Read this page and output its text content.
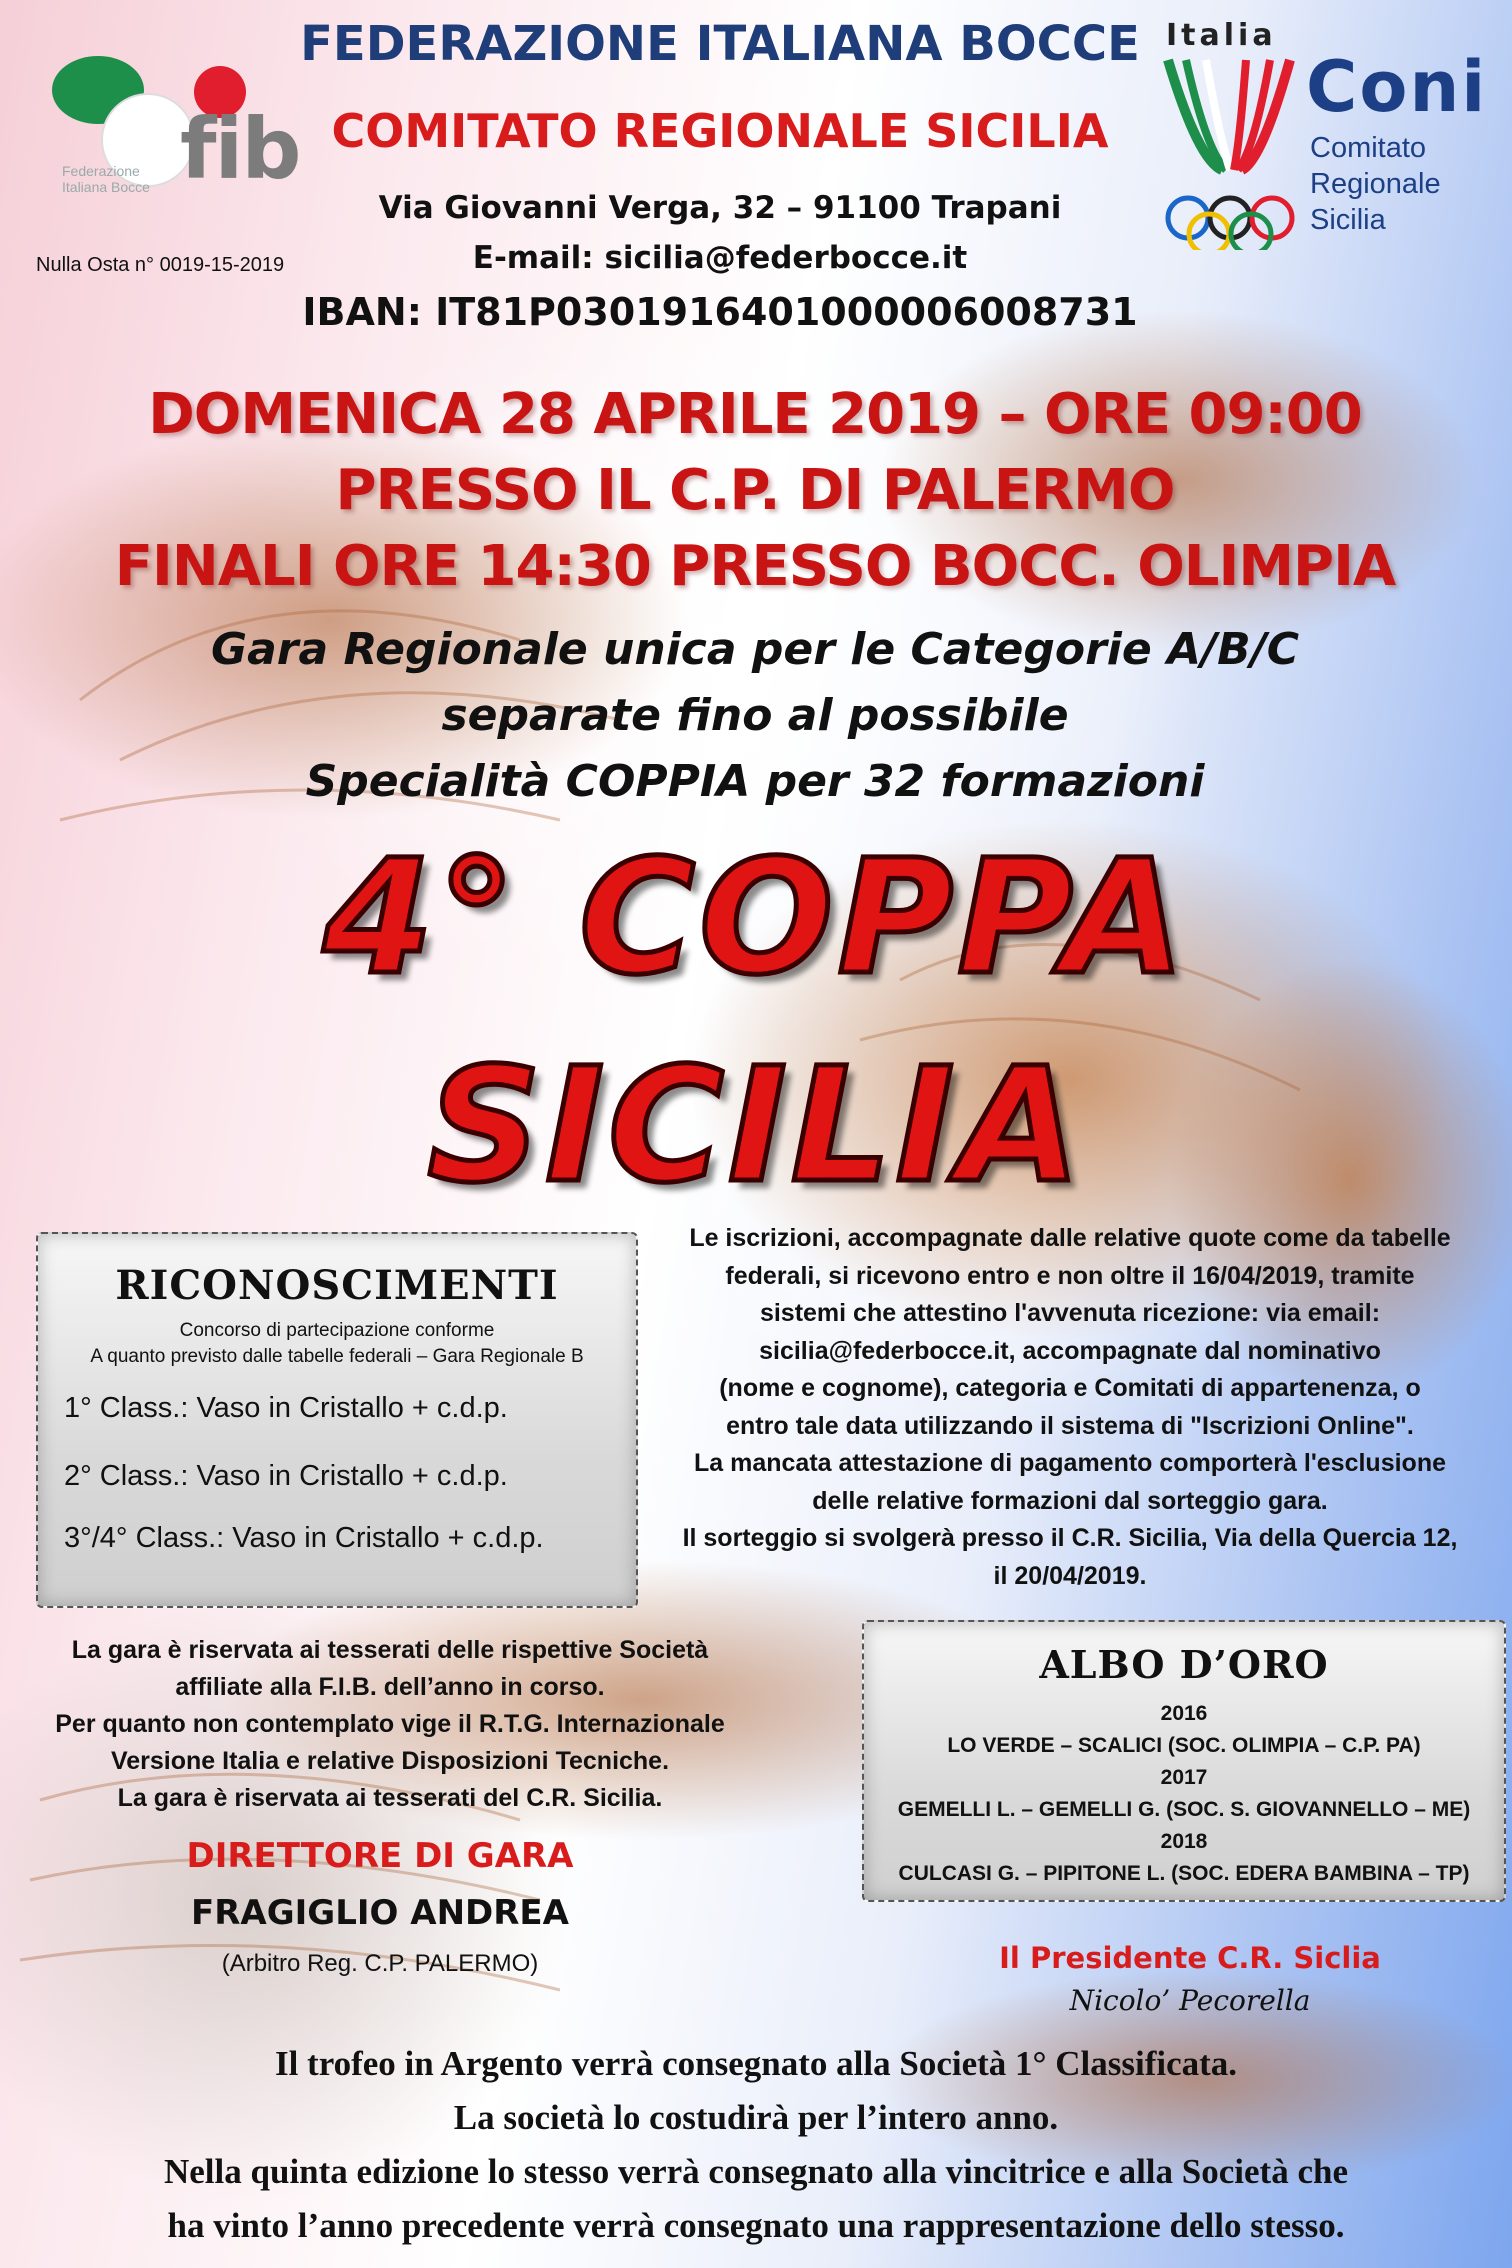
fib
Federazione
Italiana Bocce
Italia
Coni
Comitato
Regionale
Sicilia
FEDERAZIONE ITALIANA BOCCE
COMITATO REGIONALE SICILIA
Via Giovanni Verga, 32 – 91100 Trapani
E-mail: sicilia@federbocce.it
IBAN: IT81P0301916401000006008731
Nulla Osta n° 0019-15-2019
DOMENICA 28 APRILE 2019 – ORE 09:00
PRESSO IL C.P. DI PALERMO
FINALI ORE 14:30 PRESSO BOCC. OLIMPIA
Gara Regionale unica per le Categorie A/B/C
separate fino al possibile
Specialità COPPIA per 32 formazioni
4° COPPA
SICILIA
RICONOSCIMENTI
Concorso di partecipazione conforme
A quanto previsto dalle tabelle federali – Gara Regionale B
1° Class.: Vaso in Cristallo + c.d.p.
2° Class.: Vaso in Cristallo + c.d.p.
3°/4° Class.: Vaso in Cristallo + c.d.p.
Le iscrizioni, accompagnate dalle relative quote come da tabelle
federali, si ricevono entro e non oltre il 16/04/2019, tramite
sistemi che attestino l'avvenuta ricezione: via email:
sicilia@federbocce.it, accompagnate dal nominativo
(nome e cognome), categoria e Comitati di appartenenza, o
entro tale data utilizzando il sistema di "Iscrizioni Online".
La mancata attestazione di pagamento comporterà l'esclusione
delle relative formazioni dal sorteggio gara.
Il sorteggio si svolgerà presso il C.R. Sicilia, Via della Quercia 12,
il 20/04/2019.
La gara è riservata ai tesserati delle rispettive Società
affiliate alla F.I.B. dell’anno in corso.
Per quanto non contemplato vige il R.T.G. Internazionale
Versione Italia e relative Disposizioni Tecniche.
La gara è riservata ai tesserati del C.R. Sicilia.
DIRETTORE DI GARA
FRAGIGLIO ANDREA
(Arbitro Reg. C.P. PALERMO)
ALBO D’ORO
2016
LO VERDE – SCALICI (SOC. OLIMPIA – C.P. PA)
2017
GEMELLI L. – GEMELLI G. (SOC. S. GIOVANNELLO – ME)
2018
CULCASI G. – PIPITONE L. (SOC. EDERA BAMBINA – TP)
Il Presidente C.R. Siclia
Nicolo’ Pecorella
Il trofeo in Argento verrà consegnato alla Società 1° Classificata.
La società lo costudirà per l’intero anno.
Nella quinta edizione lo stesso verrà consegnato alla vincitrice e alla Società che
ha vinto l’anno precedente verrà consegnato una rappresentazione dello stesso.
